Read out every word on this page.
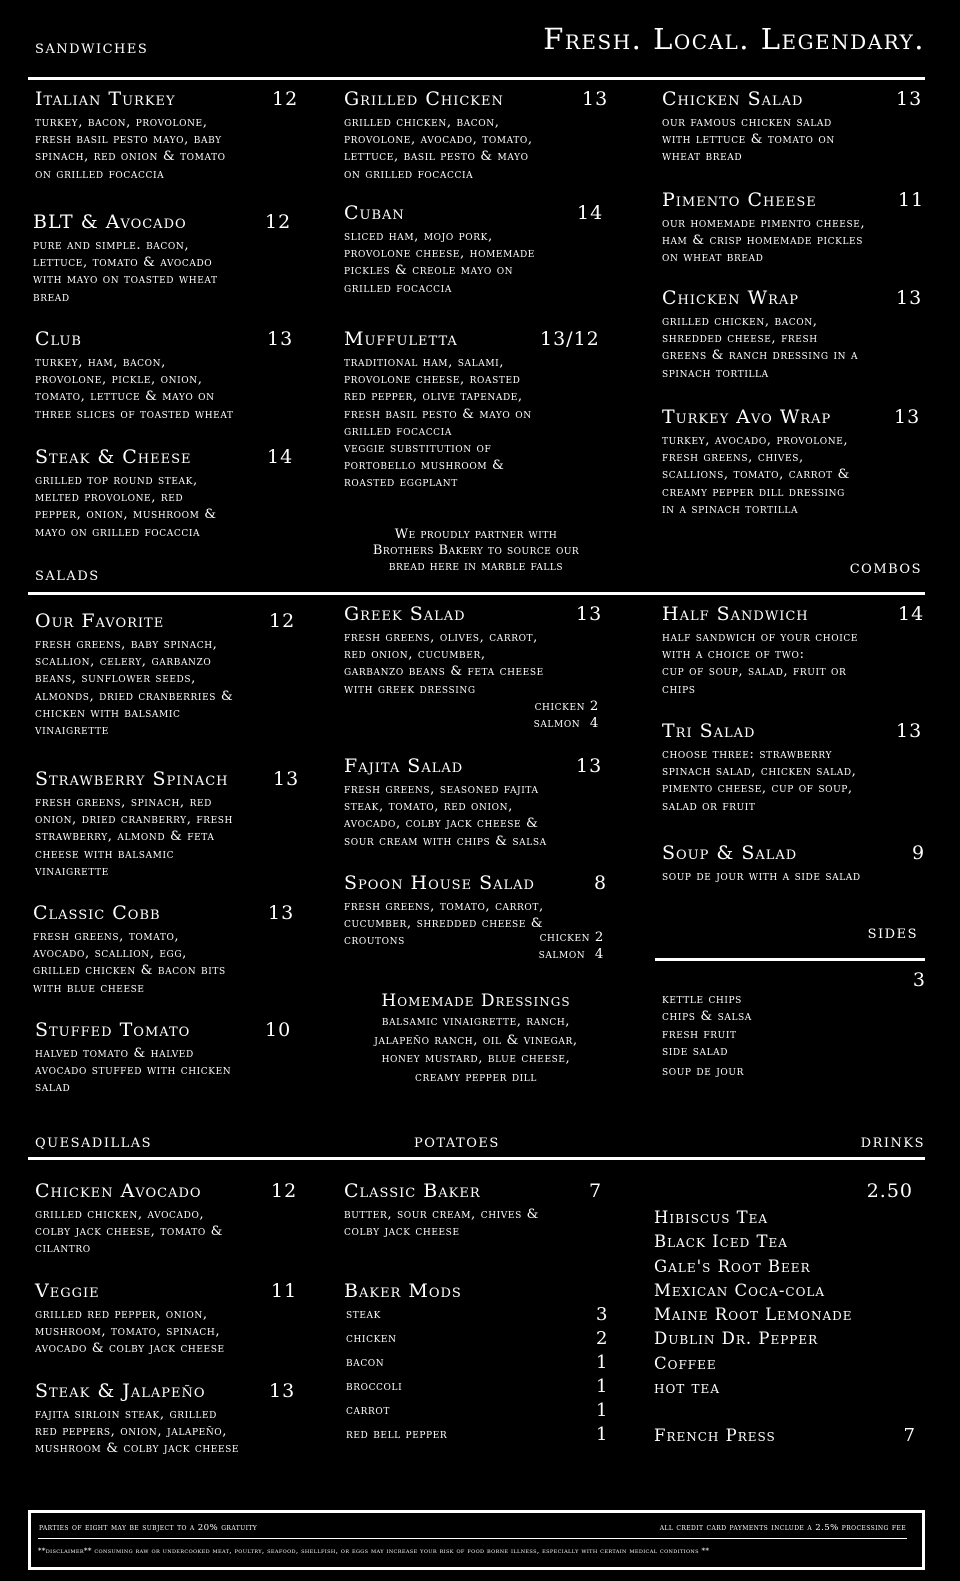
sandwiches	Fresh. Local. Legendary.
Italian Turkey	12
turkey, bacon, provolone,
fresh basil pesto mayo, baby
spinach, red onion & tomato
on grilled focaccia
BLT & Avocado	12
pure and simple. bacon,
lettuce, tomato & avocado
with mayo on toasted wheat
bread
Club	13
turkey, ham, bacon,
provolone, pickle, onion,
tomato, lettuce & mayo on
three slices of toasted wheat
Steak & Cheese	14
grilled top round steak,
melted provolone, red
pepper, onion, mushroom &
mayo on grilled focaccia
Grilled Chicken	13
grilled chicken, bacon,
provolone, avocado, tomato,
lettuce, basil pesto & mayo
on grilled focaccia
Cuban	14
sliced ham, mojo pork,
provolone cheese, homemade
pickles & creole mayo on
grilled focaccia
Muffuletta	13/12
traditional ham, salami,
provolone cheese, roasted
red pepper, olive tapenade,
fresh basil pesto & mayo on
grilled focaccia
veggie substitution of
portobello mushroom &
roasted eggplant
Chicken Salad	13
our famous chicken salad
with lettuce & tomato on
wheat bread
Pimento Cheese	11
our homemade pimento cheese,
ham & crisp homemade pickles
on wheat bread
Chicken Wrap	13
grilled chicken, bacon,
shredded cheese, fresh
greens & ranch dressing in a
spinach tortilla
Turkey Avo Wrap	13
turkey, avocado, provolone,
fresh greens, chives,
scallions, tomato, carrot &
creamy pepper dill dressing
in a spinach tortilla
We proudly partner with
Brothers Bakery to source our
bread here in marble falls
salads	combos
Our Favorite	12
fresh greens, baby spinach,
scallion, celery, garbanzo
beans, sunflower seeds,
almonds, dried cranberries &
chicken with balsamic
vinaigrette
Strawberry Spinach 13
fresh greens, spinach, red
onion, dried cranberry, fresh
strawberry, almond & feta
cheese with balsamic
vinaigrette
Classic Cobb	13
fresh greens, tomato,
avocado, scallion, egg,
grilled chicken & bacon bits
with blue cheese
Stuffed Tomato	10
halved tomato & halved
avocado stuffed with chicken
salad
Greek Salad	13
fresh greens, olives, carrot,
red onion, cucumber,
garbanzo beans & feta cheese
with greek dressing
chicken 2
salmon  4
Fajita Salad	13
fresh greens, seasoned fajita
steak, tomato, red onion,
avocado, colby jack cheese &
sour cream with chips & salsa
Spoon House Salad	8
fresh greens, tomato, carrot,
cucumber, shredded cheese &
croutons	chicken 2
salmon  4
Homemade Dressings
balsamic vinaigrette, ranch,
jalapeño ranch, oil & vinegar,
honey mustard, blue cheese,
creamy pepper dill
Half Sandwich	14
half sandwich of your choice
with a choice of two:
cup of soup, salad, fruit or
chips
Tri Salad	13
choose three: strawberry
spinach salad, chicken salad,
pimento cheese, cup of soup,
salad or fruit
Soup & Salad	9
soup de jour with a side salad
sides
3
kettle chips
chips & salsa
fresh fruit
side salad
soup de jour
quesadillas	potatoes	drinks
Chicken Avocado	12
grilled chicken, avocado,
colby jack cheese, tomato &
cilantro
Veggie	11
grilled red pepper, onion,
mushroom, tomato, spinach,
avocado & colby jack cheese
Steak & Jalapeño	13
fajita sirloin steak, grilled
red peppers, onion, jalapeño,
mushroom & colby jack cheese
Classic Baker	7
butter, sour cream, chives &
colby jack cheese
Baker Mods
steak	3
chicken	2
bacon	1
broccoli	1
carrot	1
red bell pepper	1
2.50
Hibiscus Tea
Black Iced Tea
Gale's Root Beer
Mexican Coca-cola
Maine Root Lemonade
Dublin Dr. Pepper
Coffee
hot tea
French Press	7
parties of eight may be subject to a 20% gratuity	all credit card payments include a 2.5% processing fee
**disclaimer** consuming raw or undercooked meat, poultry, seafood, shellfish, or eggs may increase your risk of food borne illness, especially with certain medical conditions **
